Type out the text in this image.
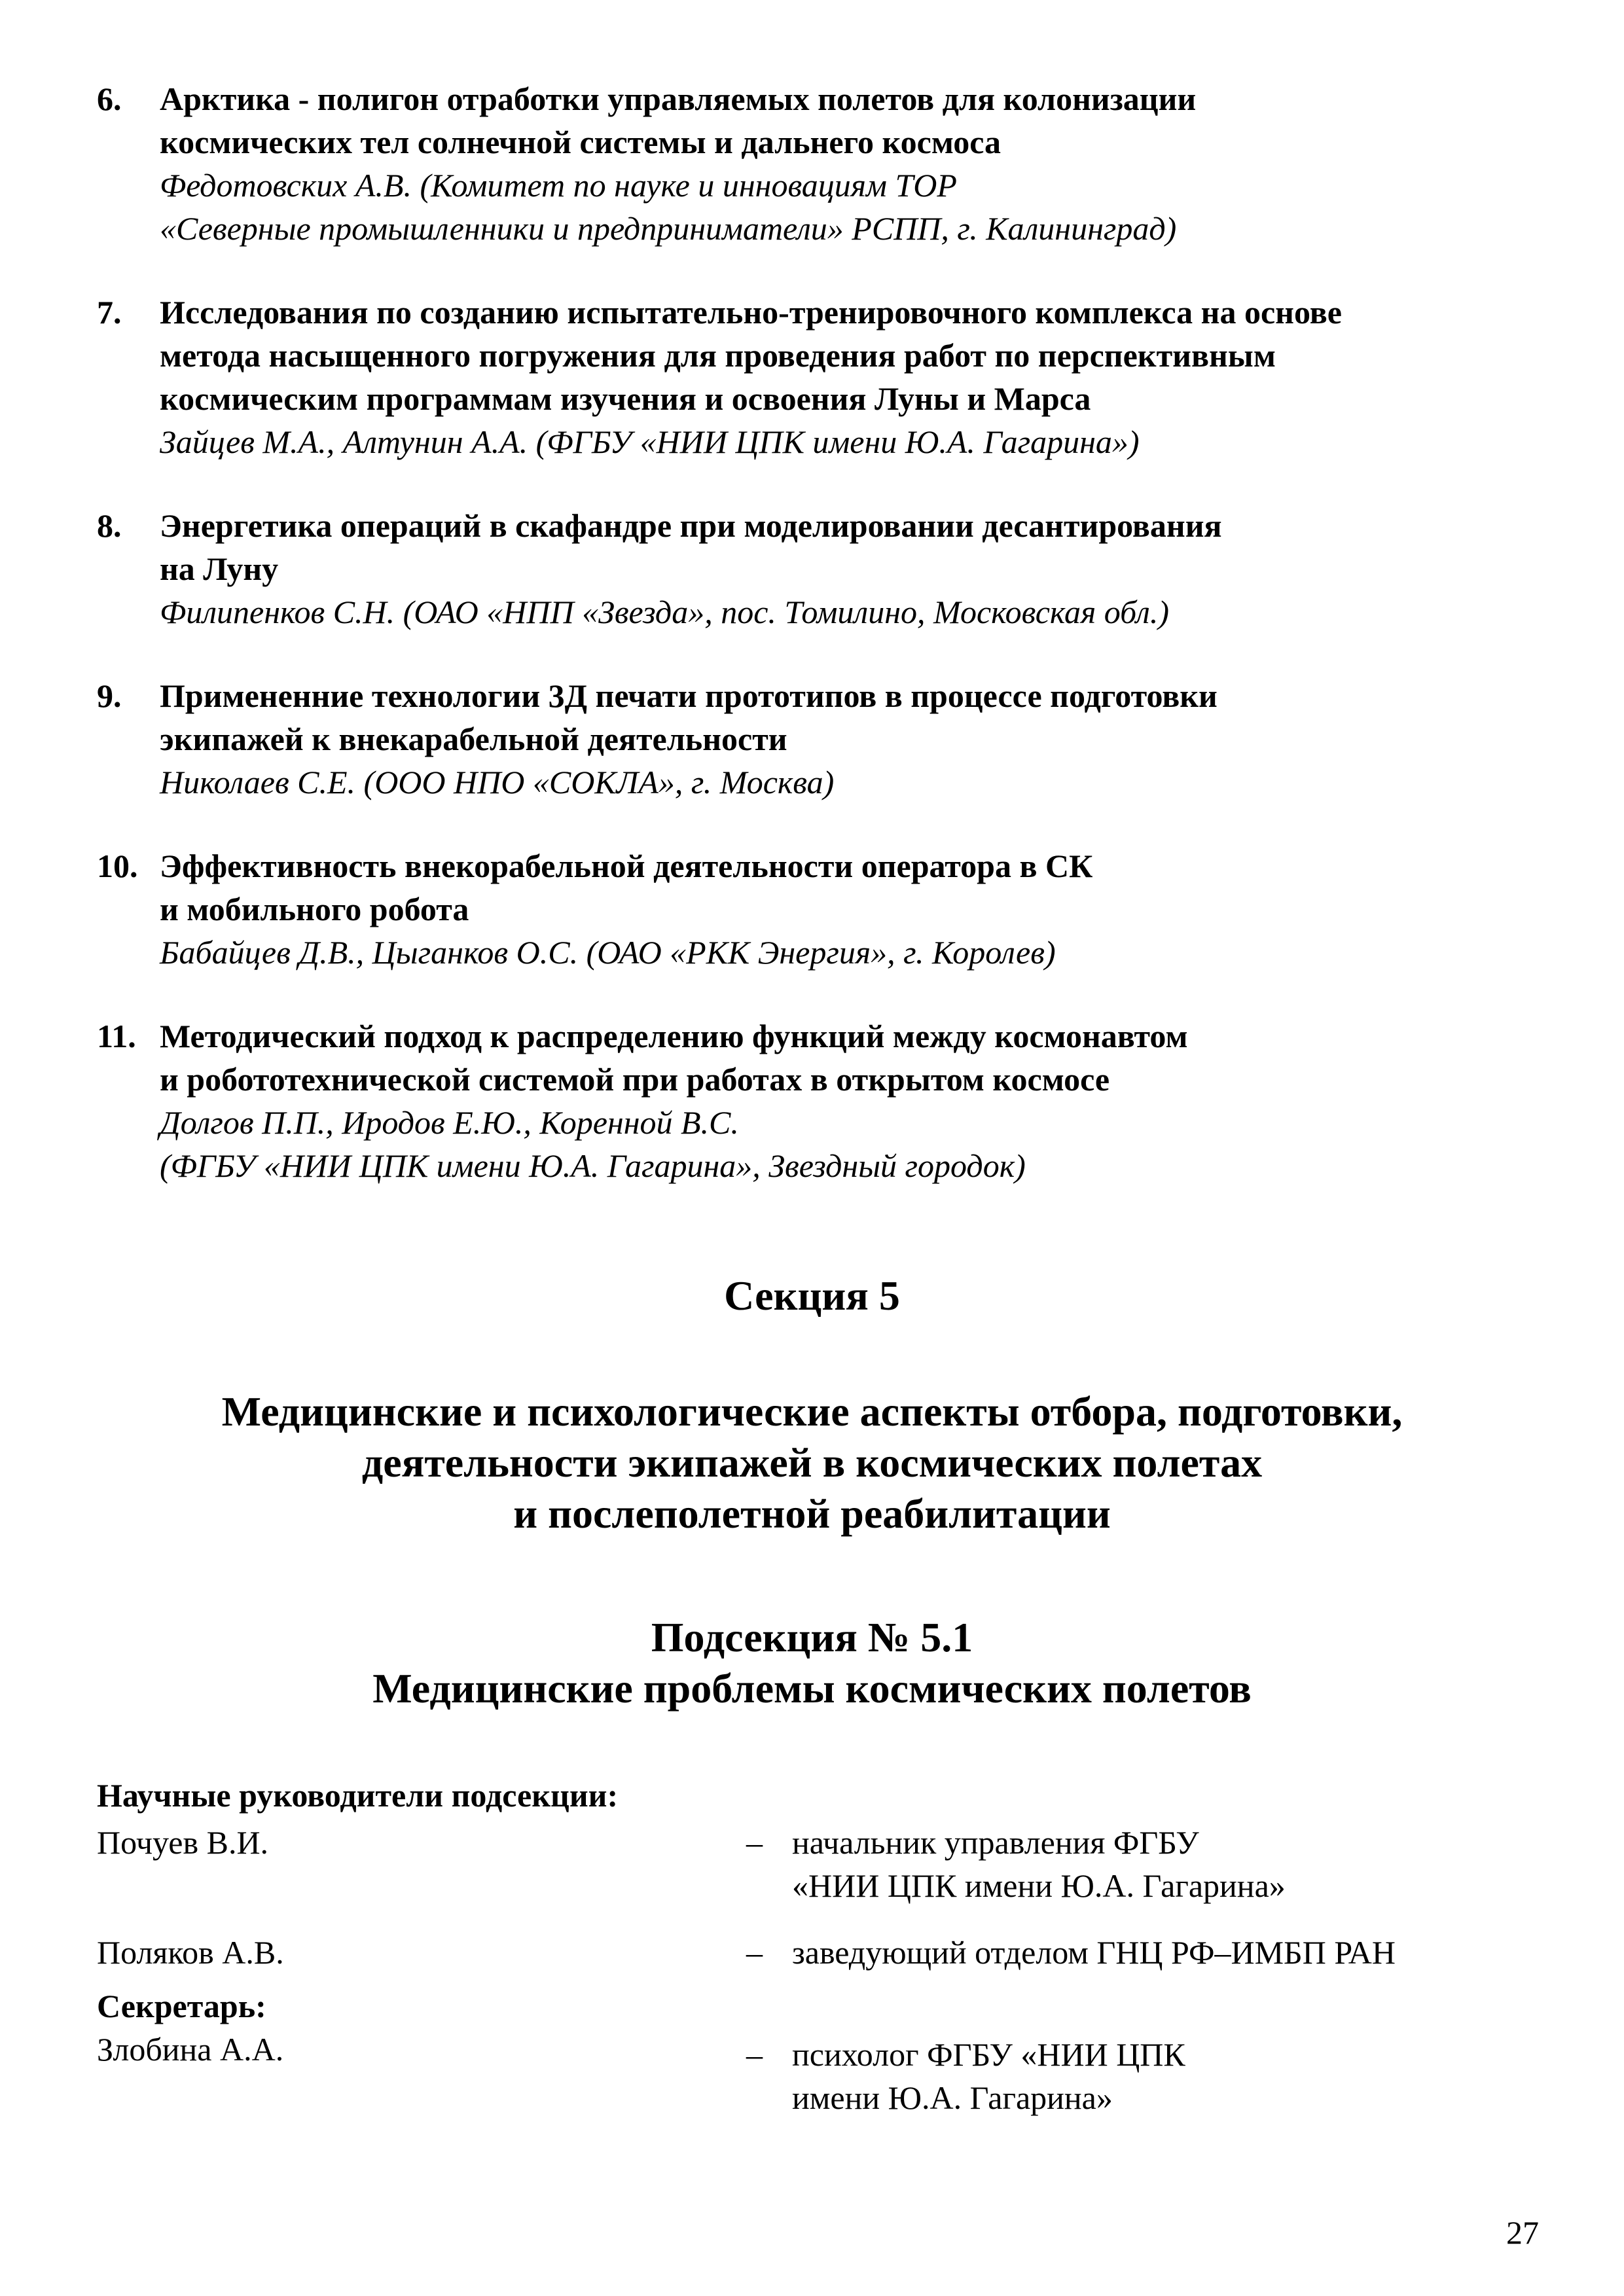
6.	Арктика - полигон отработки управляемых полетов для колонизации
космических тел солнечной системы и дальнего космоса
Федотовских А.В. (Комитет по науке и инновациям ТОР
«Северные промышленники и предприниматели» РСПП, г. Калининград)
7.	Исследования по созданию испытательно-тренировочного комплекса на основе
метода насыщенного погружения для проведения работ по перспективным
космическим программам изучения и освоения Луны и Марса
Зайцев М.А., Алтунин А.А. (ФГБУ «НИИ ЦПК имени Ю.А. Гагарина»)
8.	Энергетика операций в скафандре при моделировании десантирования
на Луну
Филипенков С.Н. (ОАО «НПП «Звезда», пос. Томилино, Московская обл.)
9.	Примененние технологии 3Д печати прототипов в процессе подготовки
экипажей к внекарабельной деятельности
Николаев С.Е. (ООО НПО «СОКЛА», г. Москва)
10. Эффективность внекорабельной деятельности оператора в СК
и мобильного робота
Бабайцев Д.В., Цыганков О.С. (ОАО «РКК Энергия», г. Королев)
11. Методический подход к распределению функций между космонавтом
и робототехнической системой при работах в открытом космосе
Долгов П.П., Иродов Е.Ю., Коренной В.С.
(ФГБУ «НИИ ЦПК имени Ю.А. Гагарина», Звездный городок)
Секция 5
Медицинские и психологические аспекты отбора, подготовки,
деятельности экипажей в космических полетах
и послеполетной реабилитации
Подсекция № 5.1
Медицинские проблемы космических полетов
Научные руководители подсекции:
Почуев В.И.	– начальник управления ФГБУ
«НИИ ЦПК имени Ю.А. Гагарина»
Поляков А.В.	– заведующий отделом ГНЦ РФ–ИМБП РАН
Секретарь:
Злобина А.А.	– психолог ФГБУ «НИИ ЦПК
имени Ю.А. Гагарина»
27
